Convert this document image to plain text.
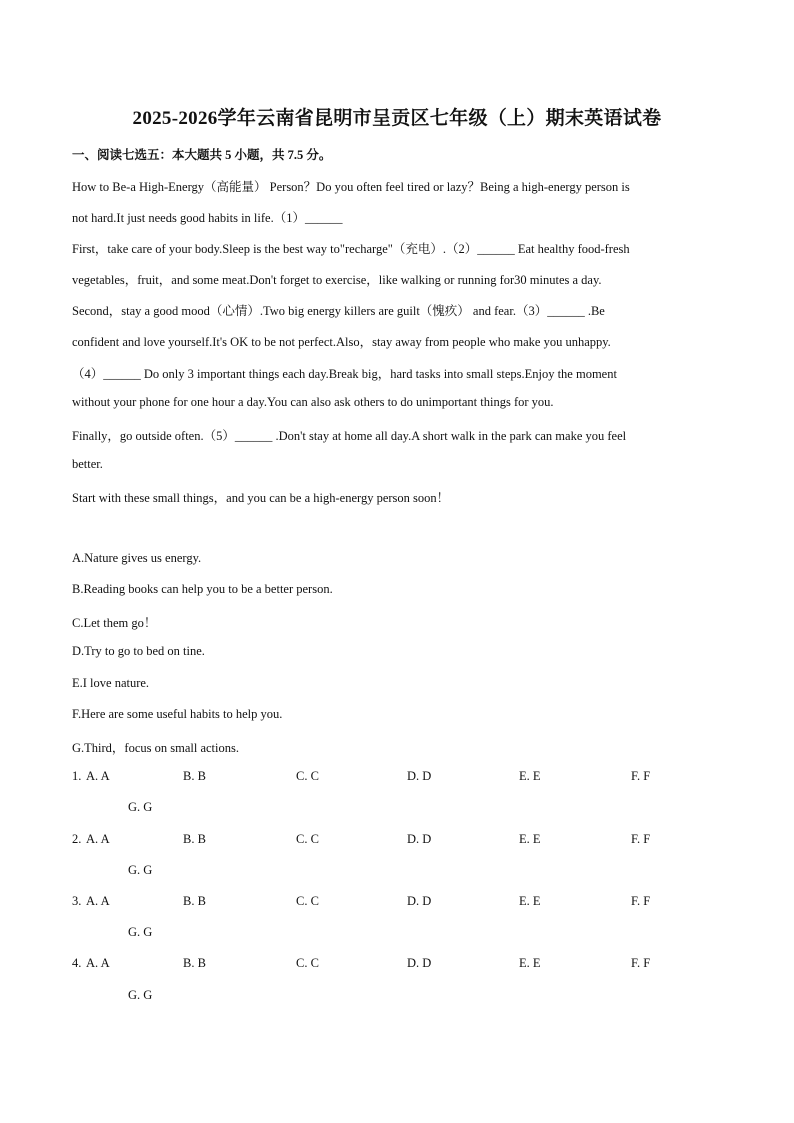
2025-2026学年云南省昆明市呈贡区七年级（上）期末英语试卷
一、阅读七选五：本大题共 5 小题，共 7.5 分。
How to Be-a High-Energy（高能量） Person？Do you often feel tired or lazy？Being a high-energy person is
not hard.It just needs good habits in life.（1）______
First，take care of your body.Sleep is the best way to"recharge"（充电）.（2）______ Eat healthy food-fresh
vegetables，fruit，and some meat.Don't forget to exercise，like walking or running for30 minutes a day.
Second，stay a good mood（心情）.Two big energy killers are guilt（愧疚） and fear.（3）______ .Be
confident and love yourself.It's OK to be not perfect.Also，stay away from people who make you unhappy.
（4）______ Do only 3 important things each day.Break big，hard tasks into small steps.Enjoy the moment
without your phone for one hour a day.You can also ask others to do unimportant things for you.
Finally，go outside often.（5）______ .Don't stay at home all day.A short walk in the park can make you feel
better.
Start with these small things，and you can be a high-energy person soon！
A.Nature gives us energy.
B.Reading books can help you to be a better person.
C.Let them go！
D.Try to go to bed on tine.
E.I love nature.
F.Here are some useful habits to help you.
G.Third，focus on small actions.
1. A. A	B. B	C. C	D. D	E. E	F. F
G. G
2. A. A	B. B	C. C	D. D	E. E	F. F
G. G
3. A. A	B. B	C. C	D. D	E. E	F. F
G. G
4. A. A	B. B	C. C	D. D	E. E	F. F
G. G
